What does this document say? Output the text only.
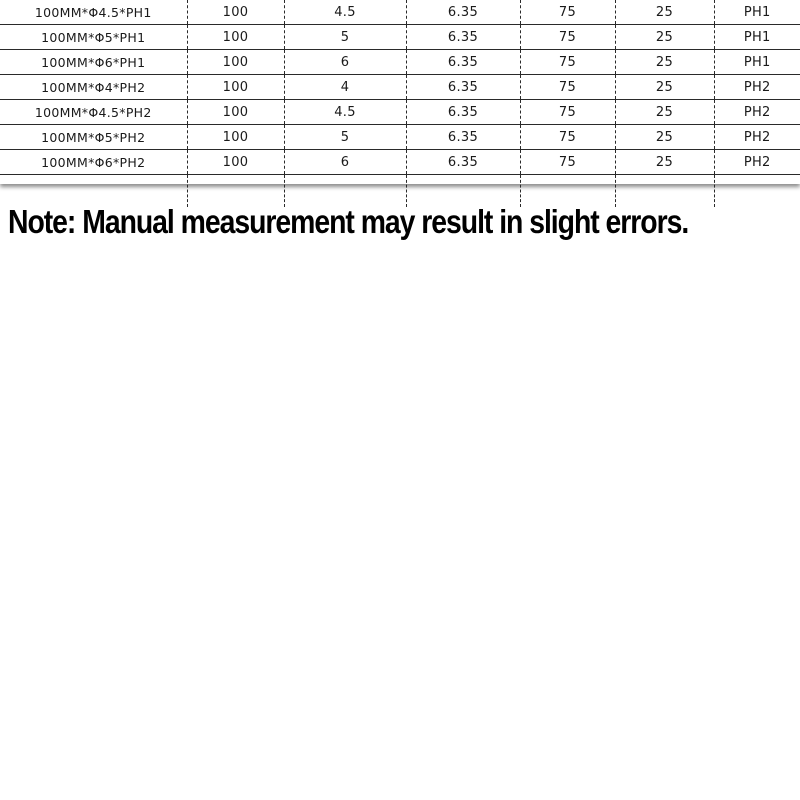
100MM*Φ4.5*PH1	100	4.5	6.35	75	25	PH1
100MM*Φ5*PH1	100	5	6.35	75	25	PH1
100MM*Φ6*PH1	100	6	6.35	75	25	PH1
100MM*Φ4*PH2	100	4	6.35	75	25	PH2
100MM*Φ4.5*PH2	100	4.5	6.35	75	25	PH2
100MM*Φ5*PH2	100	5	6.35	75	25	PH2
100MM*Φ6*PH2	100	6	6.35	75	25	PH2

Note: Manual measurement may result in slight errors.
